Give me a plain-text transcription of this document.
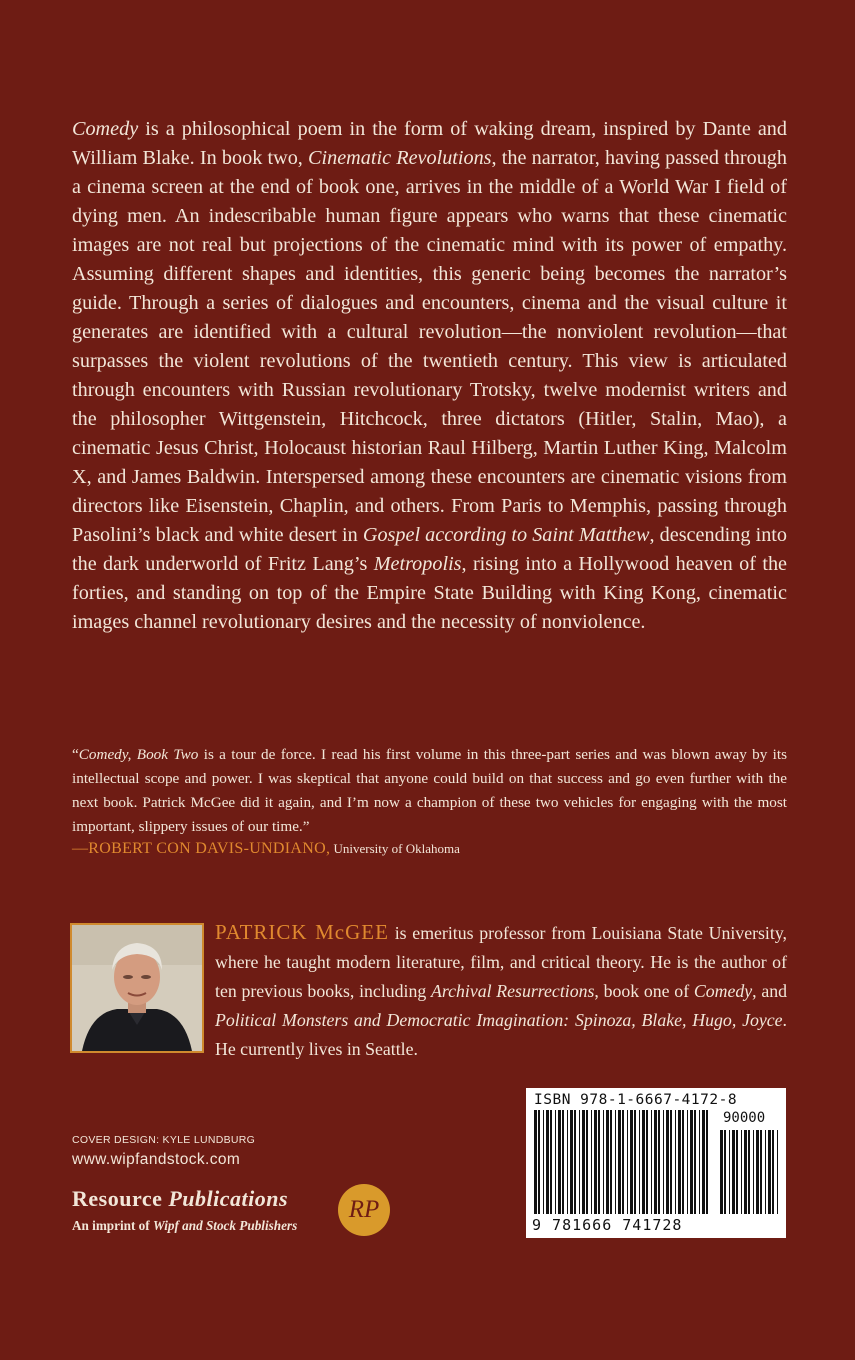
Comedy is a philosophical poem in the form of waking dream, inspired by Dante and William Blake. In book two, Cinematic Revolutions, the narrator, having passed through a cinema screen at the end of book one, arrives in the middle of a World War I field of dying men. An indescribable human figure appears who warns that these cinematic images are not real but projections of the cinematic mind with its power of empathy. Assuming different shapes and identities, this generic being becomes the narrator’s guide. Through a series of dialogues and encounters, cinema and the visual culture it generates are identified with a cultural revolution—the nonviolent revolution—that surpasses the violent revolutions of the twentieth century. This view is articulated through encounters with Russian revolutionary Trotsky, twelve modernist writers and the philosopher Wittgenstein, Hitchcock, three dictators (Hitler, Stalin, Mao), a cinematic Jesus Christ, Holocaust historian Raul Hilberg, Martin Luther King, Malcolm X, and James Baldwin. Interspersed among these encounters are cinematic visions from directors like Eisenstein, Chaplin, and others. From Paris to Memphis, passing through Pasolini’s black and white desert in Gospel according to Saint Matthew, descending into the dark underworld of Fritz Lang’s Metropolis, rising into a Hollywood heaven of the forties, and standing on top of the Empire State Building with King Kong, cinematic images channel revolutionary desires and the necessity of nonviolence.

“Comedy, Book Two is a tour de force. I read his first volume in this three-part series and was blown away by its intellectual scope and power. I was skeptical that anyone could build on that success and go even further with the next book. Patrick McGee did it again, and I’m now a champion of these two vehicles for engaging with the most important, slippery issues of our time.”

—ROBERT CON DAVIS-UNDIANO, University of Oklahoma

PATRICK McGEE is emeritus professor from Louisiana State University, where he taught modern literature, film, and critical theory. He is the author of ten previous books, including Archival Resurrections, book one of Comedy, and Political Monsters and Democratic Imagination: Spinoza, Blake, Hugo, Joyce. He currently lives in Seattle.

ISBN 978-1-6667-4172-8
90000
9 781666 741728
COVER DESIGN: KYLE LUNDBURG
www.wipfandstock.com
Resource Publications
An imprint of Wipf and Stock Publishers
RP
